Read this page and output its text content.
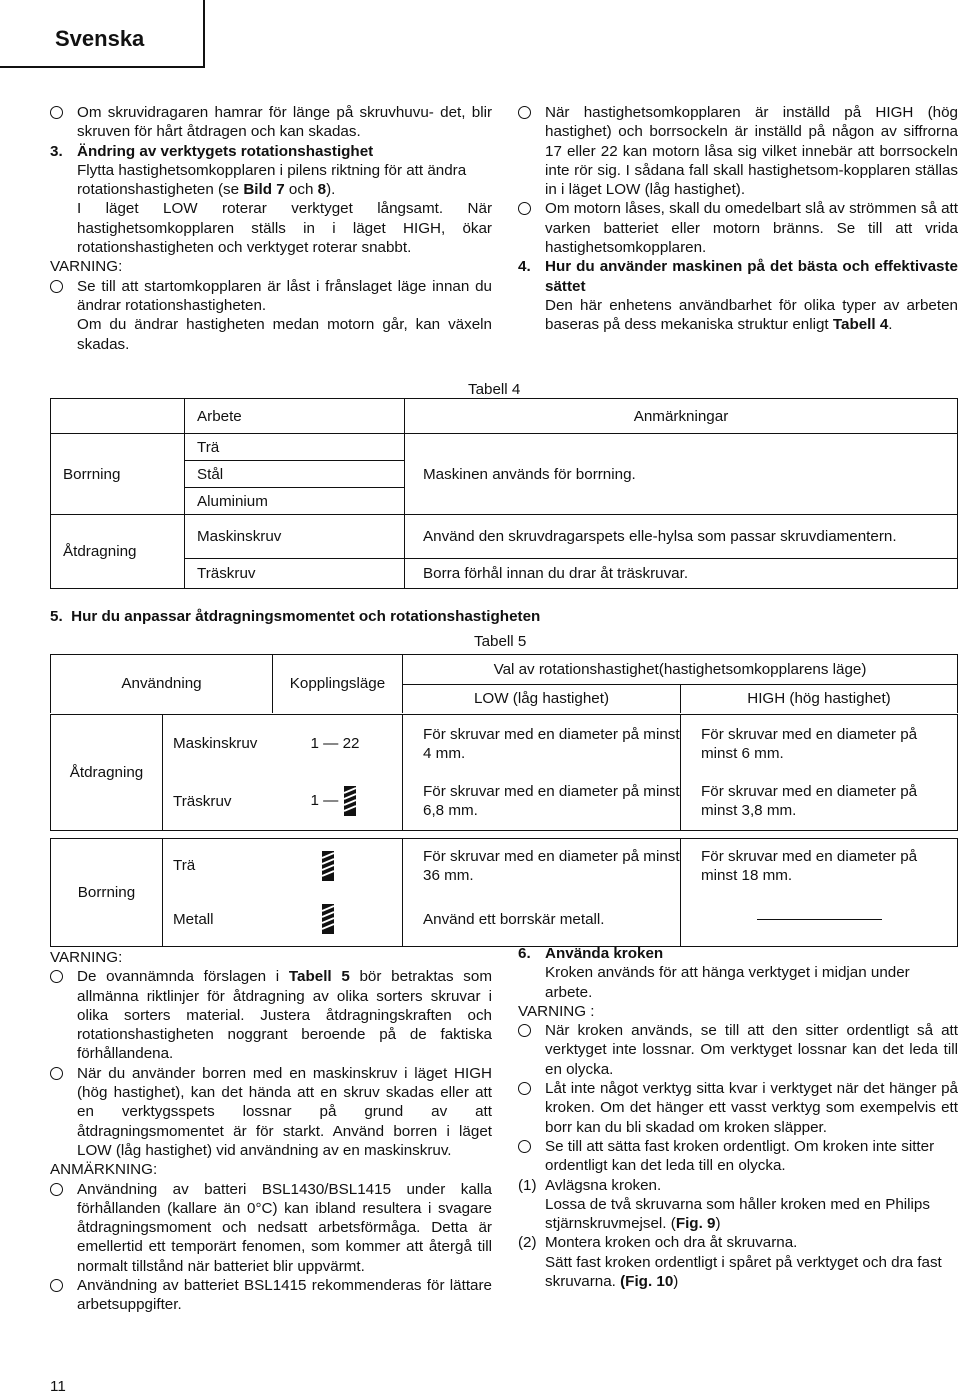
Svenska
Om skruvidragaren hamrar för länge på skruvhuvu- det, blir skruven för hårt åtdragen och kan skadas.
3. Ändring av verktygets rotationshastighet
Flytta hastighetsomkopplaren i pilens riktning för att ändra rotationshastigheten (se Bild 7 och 8).
I läget LOW roterar verktyget långsamt. När hastighetsomkopplaren ställs in i läget HIGH, ökar rotationshastigheten och verktyget roterar snabbt.
VARNING:
Se till att startomkopplaren är låst i frånslaget läge innan du ändrar rotationshastigheten.
Om du ändrar hastigheten medan motorn går, kan växeln skadas.
När hastighetsomkopplaren är inställd på HIGH (hög hastighet) och borrsockeln är inställd på någon av siffrorna 17 eller 22 kan motorn låsa sig vilket innebär att borrsockeln inte rör sig. I sådana fall skall hastighetsom-kopplaren ställas in i läget LOW (låg hastighet).
Om motorn låses, skall du omedelbart slå av strömmen så att varken batteriet eller motorn bränns. Se till att vrida hastighetsomkopplaren.
4. Hur du använder maskinen på det bästa och effektivaste sättet
Den här enhetens användbarhet för olika typer av arbeten baseras på dess mekaniska struktur enligt Tabell 4.
Tabell 4
	Arbete	Anmärkningar
Borrning	Trä	Maskinen används för borrning.
	Stål	
	Aluminium	
Åtdragning	Maskinskruv	Använd den skruvdragarspets elle-hylsa som passar skruvdiamentern.
	Träskruv	Borra förhål innan du drar åt träskruvar.
5. Hur du anpassar åtdragningsmomentet och rotationshastigheten
Tabell 5
Användning	Kopplingsläge	Val av rotationshastighet(hastighetsomkopplarens läge)	
		LOW (låg hastighet)	HIGH (hög hastighet)
Åtdragning	Maskinskruv	1 — 22	För skruvar med en diameter på minst 4 mm.	För skruvar med en diameter på minst 6 mm.
	Träskruv	1 —	För skruvar med en diameter på minst 6,8 mm.	För skruvar med en diameter på minst 3,8 mm.

Borrning	Trä		För skruvar med en diameter på minst 36 mm.	För skruvar med en diameter på minst 18 mm.
	Metall		Använd ett borrskär metall.	
VARNING:
De ovannämnda förslagen i Tabell 5 bör betraktas som allmänna riktlinjer för åtdragning av olika sorters skruvar i olika sorters material. Justera åtdragningskraften och rotationshastigheten noggrant beroende på de faktiska förhållandena.
När du använder borren med en maskinskruv i läget HIGH (hög hastighet), kan det hända att en skruv skadas eller att en verktygsspets lossnar på grund av att åtdragningsmomentet är för starkt. Använd borren i läget LOW (låg hastighet) vid användning av en maskinskruv.
ANMÄRKNING:
Användning av batteri BSL1430/BSL1415 under kalla förhållanden (kallare än 0°C) kan ibland resultera i svagare åtdragningsmoment och nedsatt arbetsförmåga. Detta är emellertid ett temporärt fenomen, som kommer att återgå till normalt tillstånd när batteriet blir uppvärmt.
Användning av batteriet BSL1415 rekommenderas för lättare arbetsuppgifter.
6. Använda kroken
Kroken används för att hänga verktyget i midjan under arbete.
VARNING :
När kroken används, se till att den sitter ordentligt så att verktyget inte lossnar. Om verktyget lossnar kan det leda till en olycka.
Låt inte något verktyg sitta kvar i verktyget när det hänger på kroken. Om det hänger ett vasst verktyg som exempelvis ett borr kan du bli skadad om kroken släpper.
Se till att sätta fast kroken ordentligt. Om kroken inte sitter ordentligt kan det leda till en olycka.
(1) Avlägsna kroken.
Lossa de två skruvarna som håller kroken med en Philips stjärnskruvmejsel. (Fig. 9)
(2) Montera kroken och dra åt skruvarna.
Sätt fast kroken ordentligt i spåret på verktyget och dra fast skruvarna. (Fig. 10)
11
